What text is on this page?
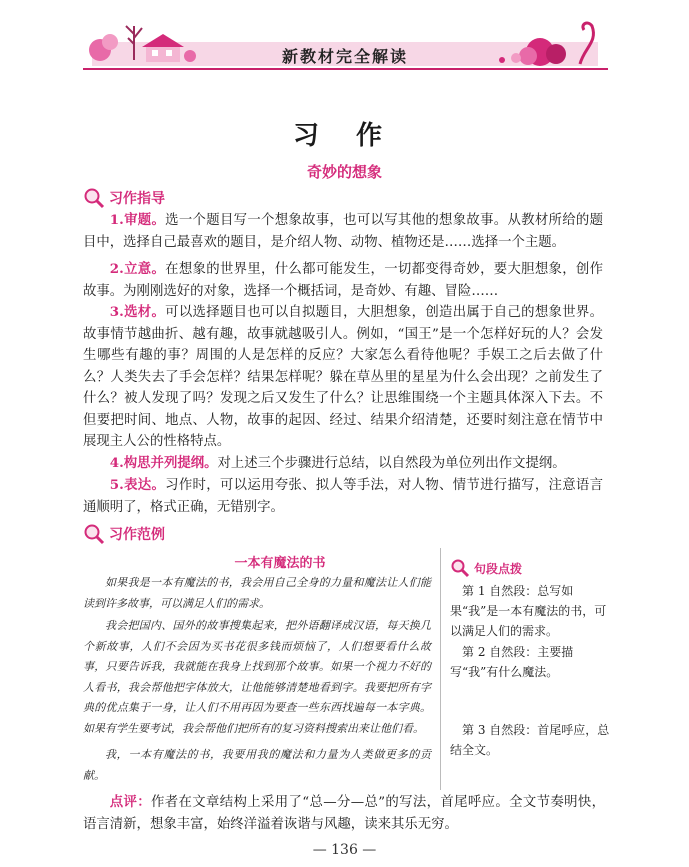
新教材完全解读
习 作
奇妙的想象
习作指导

1.审题。选一个题目写一个想象故事，也可以写其他的想象故事。从教材所给的题目中，选择自己最喜欢的题目，是介绍人物、动物、植物还是……选择一个主题。

2.立意。在想象的世界里，什么都可能发生，一切都变得奇妙，要大胆想象，创作故事。为刚刚选好的对象，选择一个概括词，是奇妙、有趣、冒险……

3.选材。可以选择题目也可以自拟题目，大胆想象，创造出属于自己的想象世界。故事情节越曲折、越有趣，故事就越吸引人。例如，“国王”是一个怎样好玩的人？会发生哪些有趣的事？周围的人是怎样的反应？大家怎么看待他呢？手娱工之后去做了什么？人类失去了手会怎样？结果怎样呢？躲在草丛里的星星为什么会出现？之前发生了什么？被人发现了吗？发现之后又发生了什么？让思维围绕一个主题具体深入下去。不但要把时间、地点、人物，故事的起因、经过、结果介绍清楚，还要时刻注意在情节中展现主人公的性格特点。

4.构思并列提纲。对上述三个步骤进行总结，以自然段为单位列出作文提纲。

5.表达。习作时，可以运用夸张、拟人等手法，对人物、情节进行描写，注意语言通顺明了，格式正确，无错别字。

习作范例
一本有魔法的书

如果我是一本有魔法的书，我会用自己全身的力量和魔法让人们能读到许多故事，可以满足人们的需求。

我会把国内、国外的故事搜集起来，把外语翻译成汉语，每天换几个新故事，人们不会因为买书花很多钱而烦恼了，人们想要看什么故事，只要告诉我，我就能在我身上找到那个故事。如果一个视力不好的人看书，我会帮他把字体放大，让他能够清楚地看到字。我要把所有字典的优点集于一身，让人们不用再因为要查一些东西找遍每一本字典。如果有学生要考试，我会帮他们把所有的复习资料搜索出来让他们看。

我，一本有魔法的书，我要用我的魔法和力量为人类做更多的贡献。

句段点拨

第 1 自然段：总写如果“我”是一本有魔法的书，可以满足人们的需求。

第 2 自然段：主要描写“我”有什么魔法。

第 3 自然段：首尾呼应，总结全文。

点评：作者在文章结构上采用了“总—分—总”的写法，首尾呼应。全文节奏明快，语言清新，想象丰富，始终洋溢着诙谐与风趣，读来其乐无穷。

— 136 —
